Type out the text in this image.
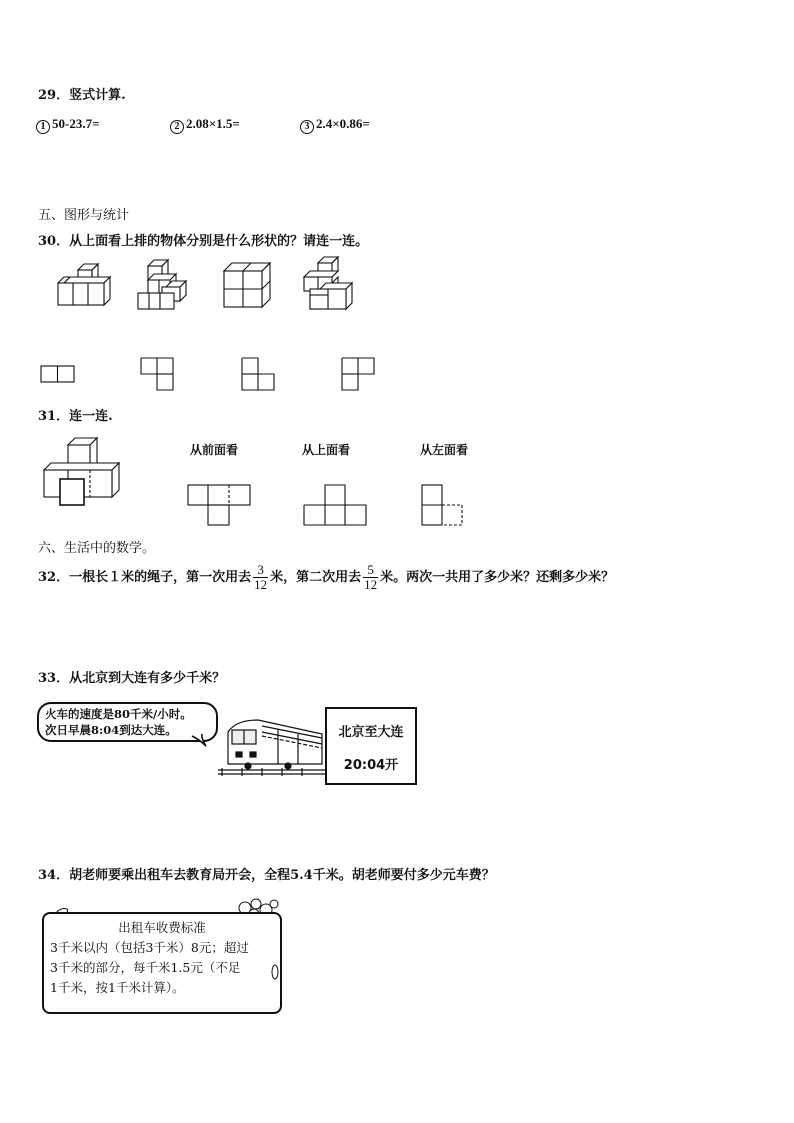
29．竖式计算.
1 50-23.7=	2 2.08×1.5=	3 2.4×0.86=
五、图形与统计
30．从上面看上排的物体分别是什么形状的？请连一连。
31．连一连.
从前面看	从上面看	从左面看
六、生活中的数学。
32．一根长１米的绳子，第一次用去 $\frac{3}{12}$ 米，第二次用去 $\frac{5}{12}$ 米。两次一共用了多少米？还剩多少米？
33．从北京到大连有多少千米？
火车的速度是80千米/小时。
次日早晨8:04到达大连。	北京至大连
20:04开
34．胡老师要乘出租车去教育局开会，全程5.4千米。胡老师要付多少元车费？
出租车收费标准
3千米以内（包括3千米）8元；超过
3千米的部分，每千米1.5元（不足
1千米，按1千米计算）。
